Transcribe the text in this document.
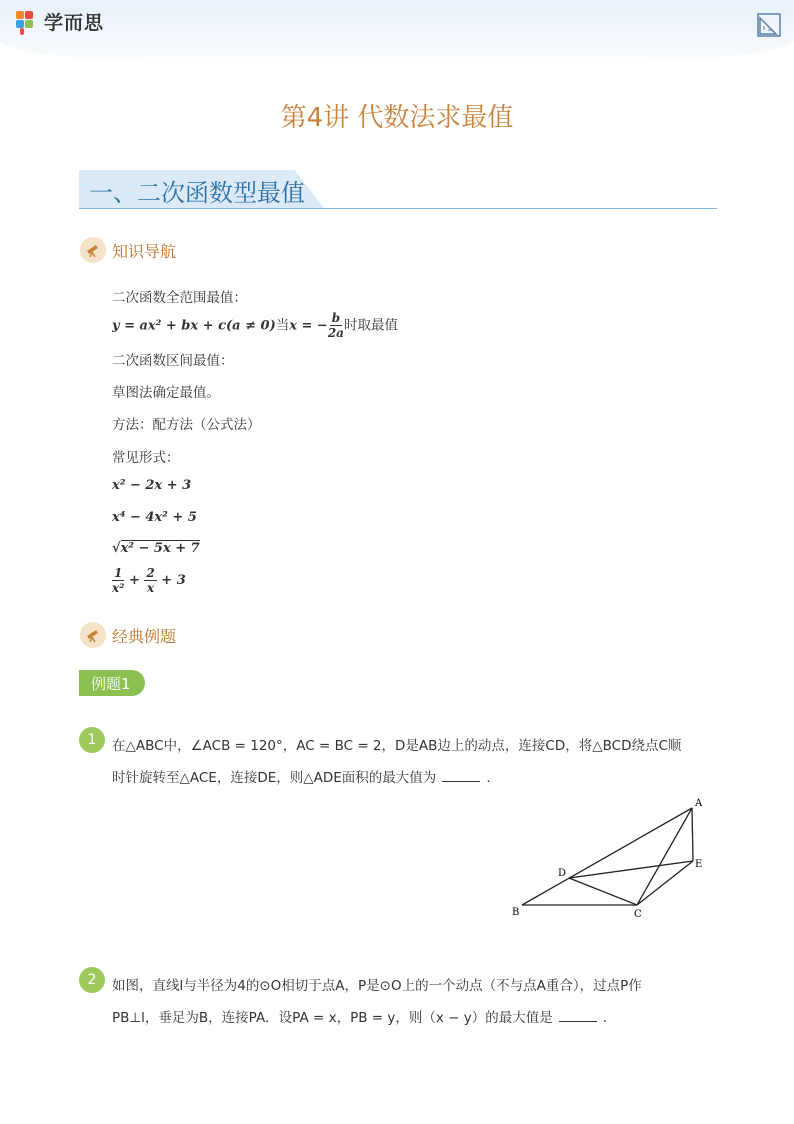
学而思
第4讲 代数法求最值
一、二次函数型最值
知识导航
二次函数全范围最值：
y = ax² + bx + c(a ≠ 0)当x = − $\frac{b}{2a}$ 时取最值
二次函数区间最值：
草图法确定最值。
方法：配方法（公式法）
常见形式：
x² − 2x + 3
x⁴ − 4x² + 5
√x² − 5x + 7
$\frac{1}{\text{x²}} + \frac{2}{x} + 3$
经典例题
例题1
1	在△ABC中，∠ACB = 120°，AC = BC = 2，D是AB边上的动点，连接CD，将△BCD绕点C顺
时针旋转至△ACE，连接DE，则△ADE面积的最大值为	.
A
B	C
D
E
2	如图，直线l与半径为4的⊙O相切于点A，P是⊙O上的一个动点（不与点A重合），过点P作
PB⊥l，垂足为B，连接PA．设PA = x，PB = y，则（x − y）的最大值是	.
